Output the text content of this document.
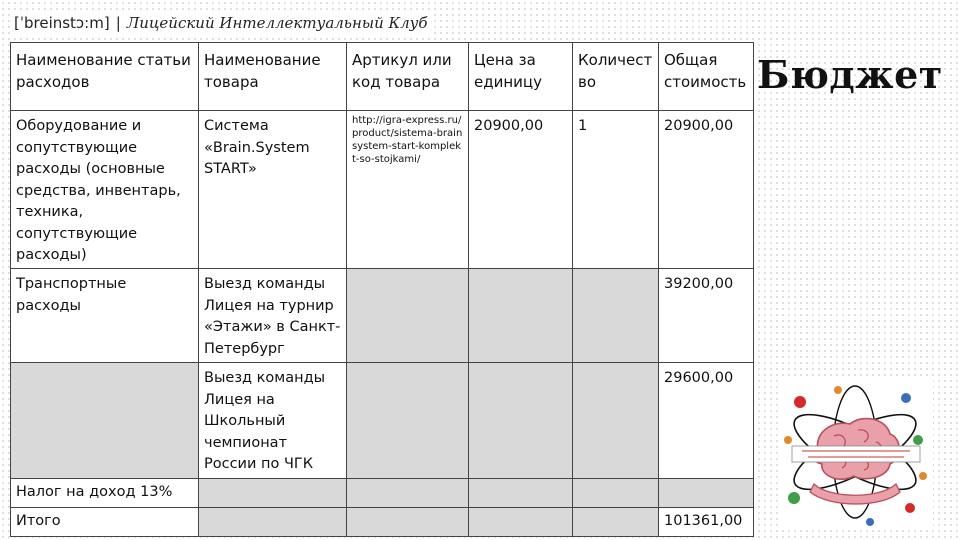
[ˈbreinstɔ:m] | Лицейский Интеллектуальный Клуб
Наименование статьи расходов	Наименование товара	Артикул или код товара	Цена за единицу	Количест во	Общая стоимость
Оборудование и сопутствующие расходы (основные средства, инвентарь, техника, сопутствующие расходы)	Система «Brain.System START»	http://igra-express.ru/product/sistema-brainsystem-start-komplekt-so-stojkami/	20900,00	1	20900,00
Транспортные расходы	Выезд команды Лицея на турнир «Этажи» в Санкт-Петербург				39200,00
	Выезд команды Лицея на Школьный чемпионат России по ЧГК				29600,00
Налог на доход 13%					
Итого					101361,00
Бюджет
